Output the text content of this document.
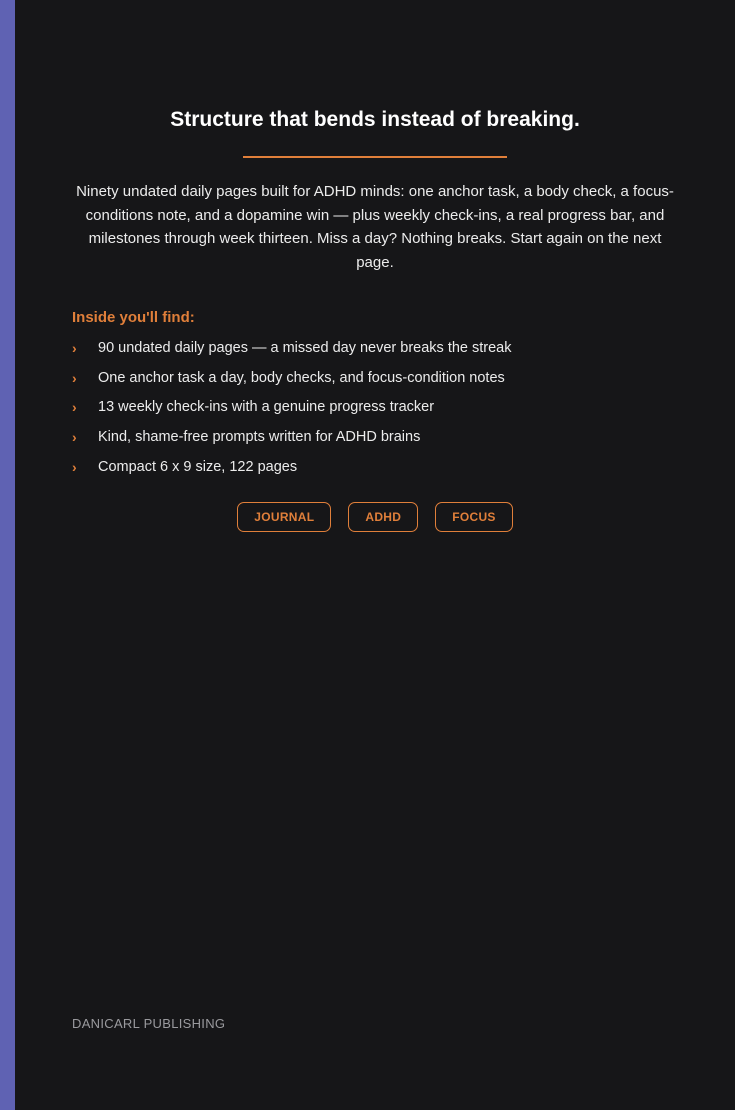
Structure that bends instead of breaking.

Ninety undated daily pages built for ADHD minds: one anchor task, a body check, a focus-conditions note, and a dopamine win — plus weekly check-ins, a real progress bar, and milestones through week thirteen. Miss a day? Nothing breaks. Start again on the next page.

Inside you'll find:

› 90 undated daily pages — a missed day never breaks the streak
› One anchor task a day, body checks, and focus-condition notes
› 13 weekly check-ins with a genuine progress tracker
› Kind, shame-free prompts written for ADHD brains
› Compact 6 x 9 size, 122 pages
JOURNAL	ADHD	FOCUS

DANICARL PUBLISHING
